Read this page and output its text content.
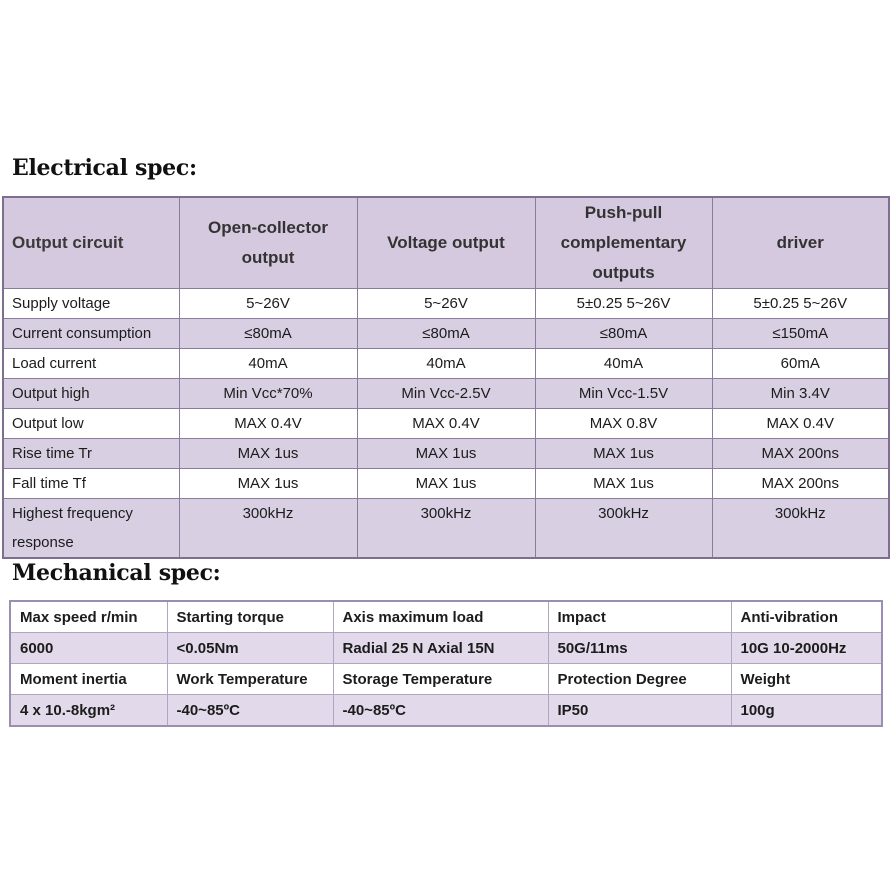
Electrical spec:
Output circuit	Open-collector output	Voltage output	Push-pull complementary outputs	driver
Supply voltage	5~26V	5~26V	5±0.25 5~26V	5±0.25 5~26V
Current consumption	≤80mA	≤80mA	≤80mA	≤150mA
Load current	40mA	40mA	40mA	60mA
Output high	Min Vcc*70%	Min Vcc-2.5V	Min Vcc-1.5V	Min 3.4V
Output low	MAX 0.4V	MAX 0.4V	MAX 0.8V	MAX 0.4V
Rise time Tr	MAX 1us	MAX 1us	MAX 1us	MAX 200ns
Fall time Tf	MAX 1us	MAX 1us	MAX 1us	MAX 200ns
Highest frequency response	300kHz	300kHz	300kHz	300kHz
Mechanical spec:
Max speed r/min	Starting torque	Axis maximum load	Impact	Anti-vibration
6000	<0.05Nm	Radial 25 N Axial 15N	50G/11ms	10G 10-2000Hz
Moment inertia	Work Temperature	Storage Temperature	Protection Degree	Weight
4 x 10.-8kgm²	-40~85ºC	-40~85ºC	IP50	100g
